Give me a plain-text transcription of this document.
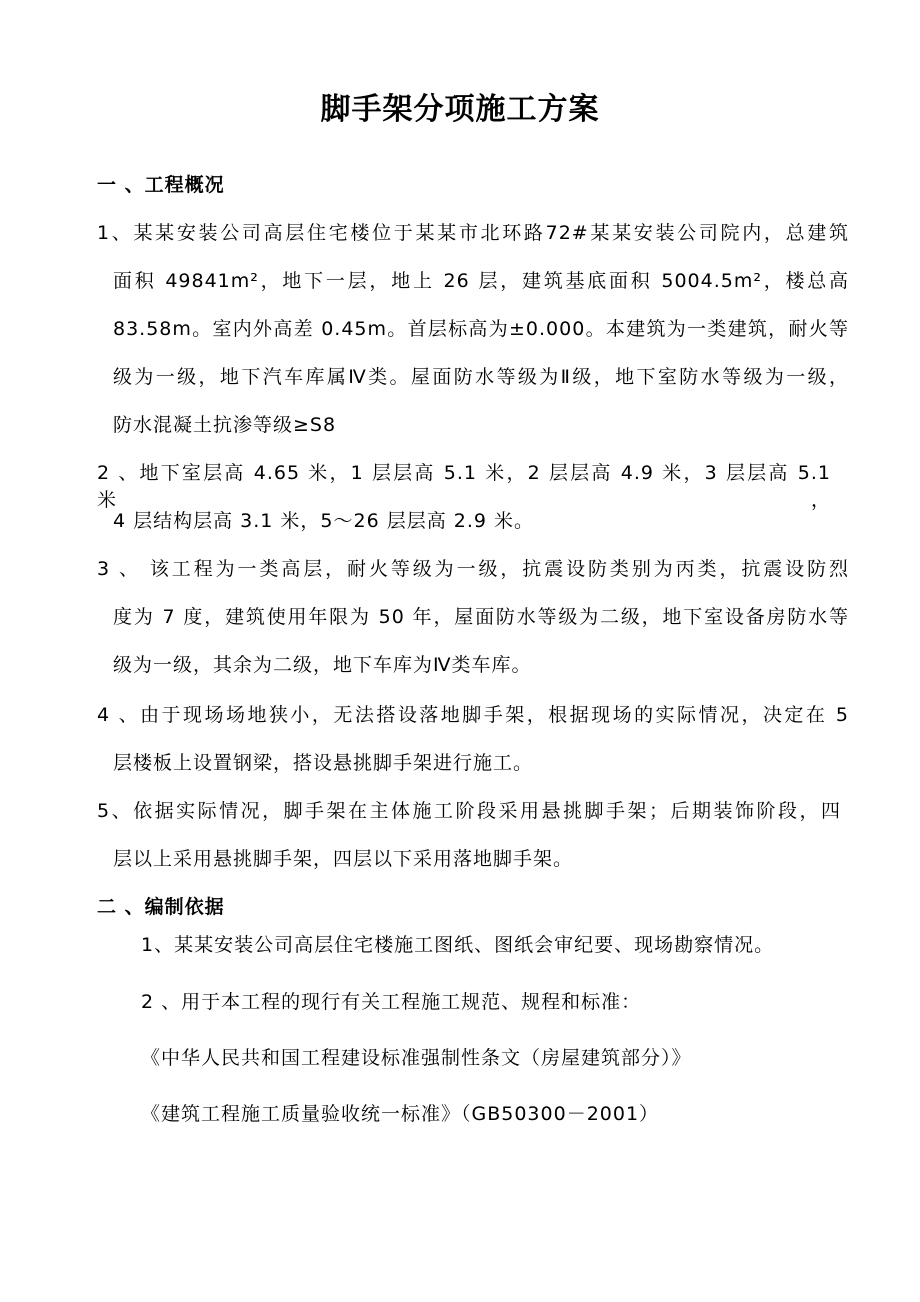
脚手架分项施工方案
一 、工程概况
1、某某安装公司高层住宅楼位于某某市北环路72#某某安装公司院内，总建筑
面积 49841m²，地下一层，地上 26 层，建筑基底面积 5004.5m²，楼总高
83.58m。室内外高差 0.45m。首层标高为±0.000。本建筑为一类建筑，耐火等
级为一级，地下汽车库属Ⅳ类。屋面防水等级为Ⅱ级，地下室防水等级为一级，
防水混凝土抗渗等级≥S8
2 、地下室层高 4.65 米，1 层层高 5.1 米，2 层层高 4.9 米，3 层层高 5.1 米，
4 层结构层高 3.1 米，5～26 层层高 2.9 米。
3 、 该工程为一类高层，耐火等级为一级，抗震设防类别为丙类，抗震设防烈
度为 7 度，建筑使用年限为 50 年，屋面防水等级为二级，地下室设备房防水等
级为一级，其余为二级，地下车库为Ⅳ类车库。
4 、由于现场场地狭小，无法搭设落地脚手架，根据现场的实际情况，决定在 5
层楼板上设置钢梁，搭设悬挑脚手架进行施工。
5、依据实际情况，脚手架在主体施工阶段采用悬挑脚手架；后期装饰阶段，四
层以上采用悬挑脚手架，四层以下采用落地脚手架。
二 、编制依据
1、某某安装公司高层住宅楼施工图纸、图纸会审纪要、现场勘察情况。
2 、用于本工程的现行有关工程施工规范、规程和标准：
《中华人民共和国工程建设标准强制性条文（房屋建筑部分）》
《建筑工程施工质量验收统一标准》（GB50300－2001）
